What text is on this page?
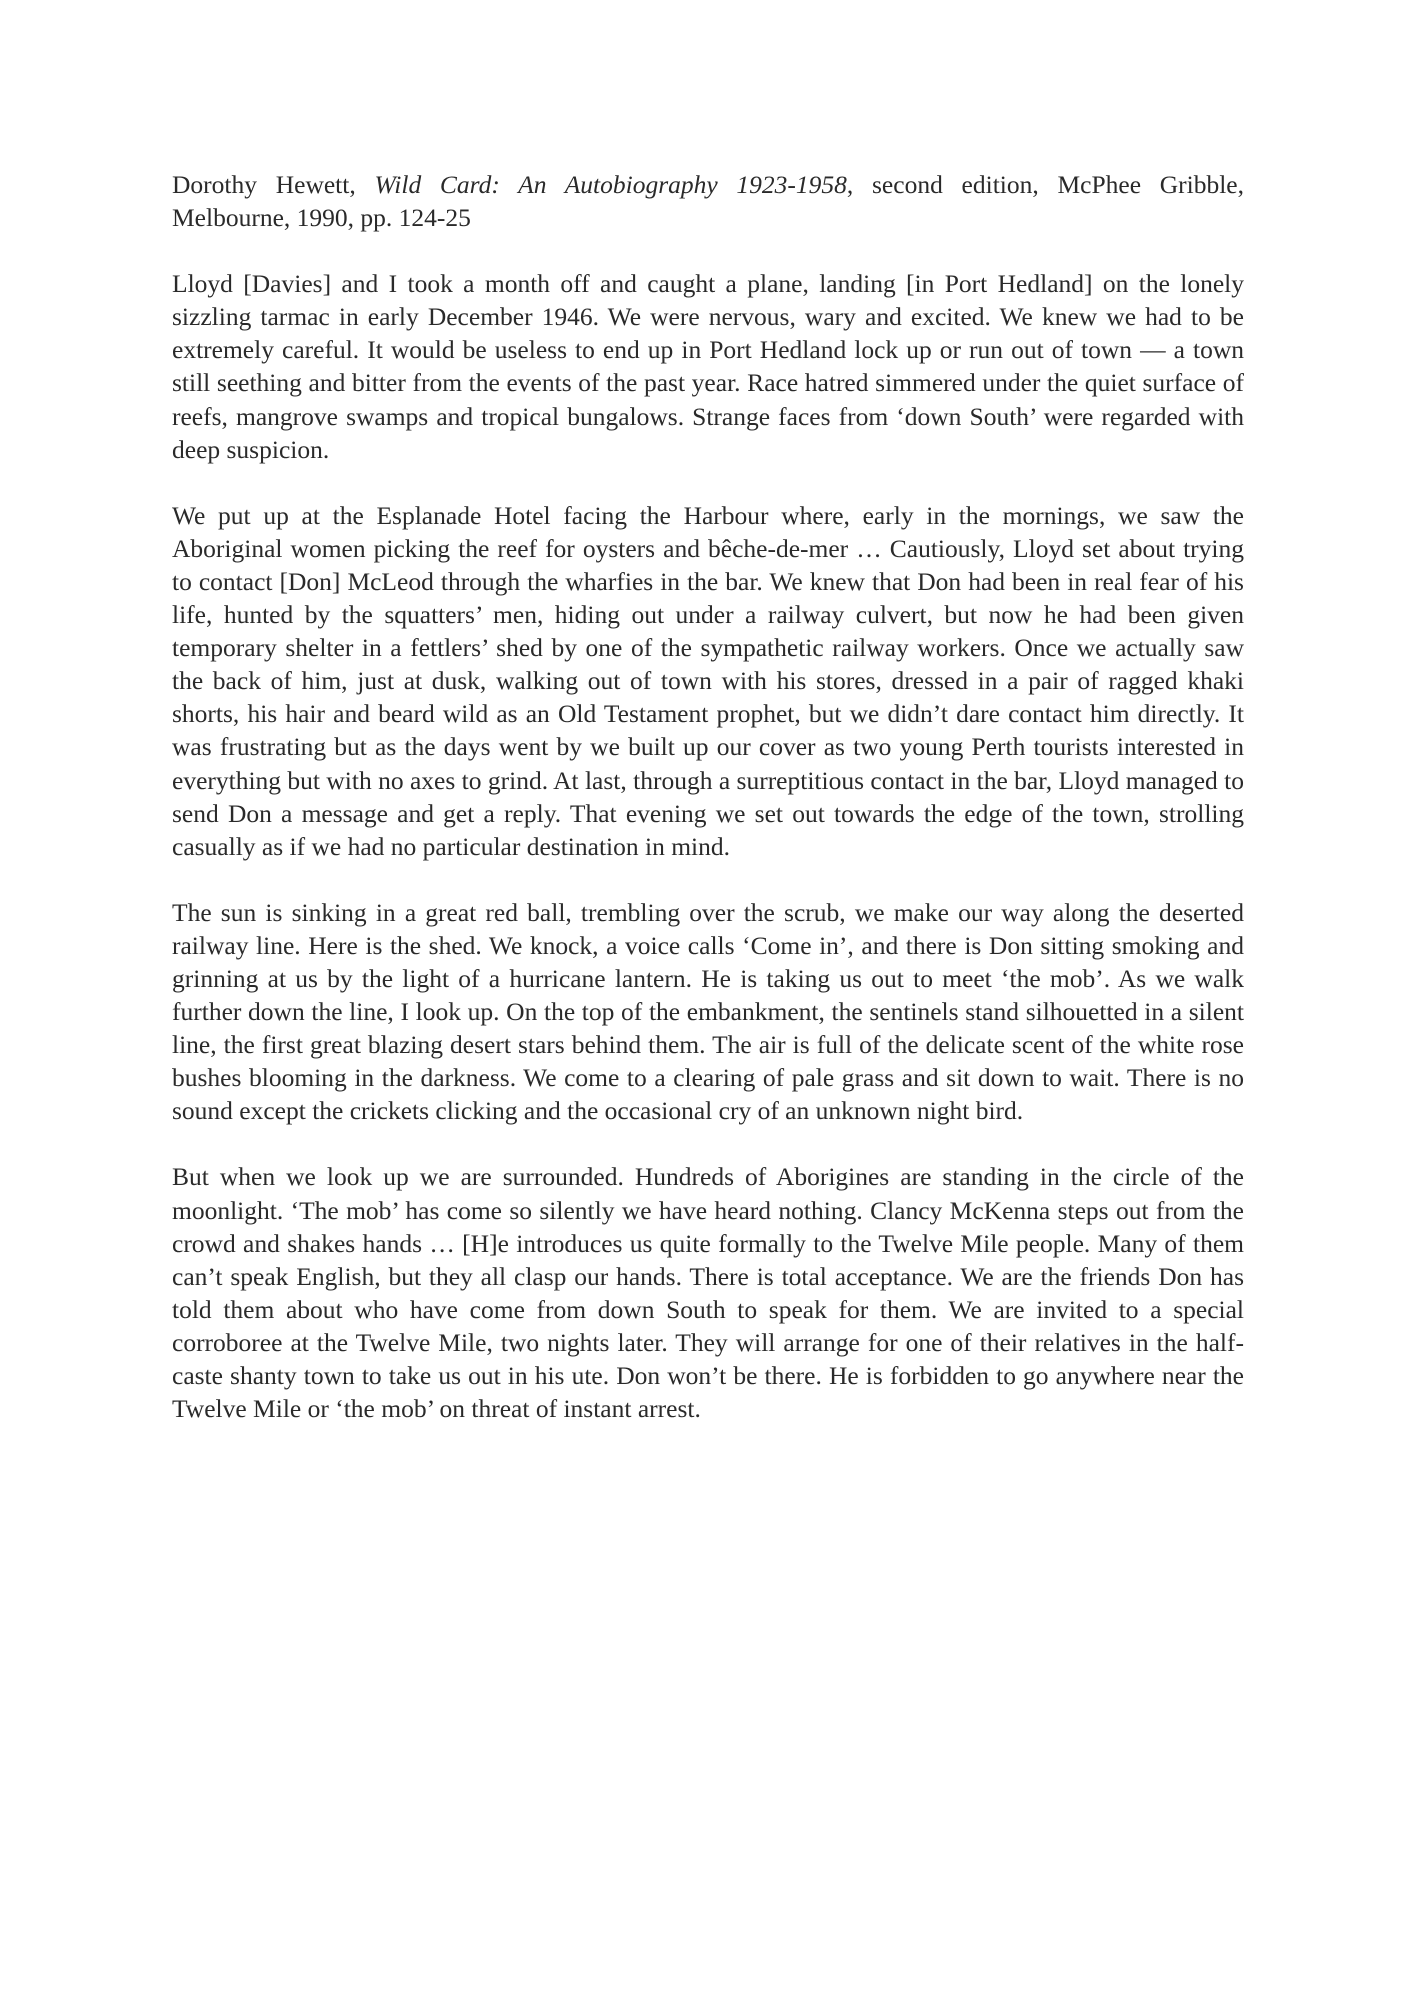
Dorothy Hewett, Wild Card: An Autobiography 1923-1958, second edition, McPhee Gribble, Melbourne, 1990, pp. 124-25

Lloyd [Davies] and I took a month off and caught a plane, landing [in Port Hedland] on the lonely sizzling tarmac in early December 1946. We were nervous, wary and excited. We knew we had to be extremely careful. It would be useless to end up in Port Hedland lock up or run out of town — a town still seething and bitter from the events of the past year. Race hatred simmered under the quiet surface of reefs, mangrove swamps and tropical bungalows. Strange faces from ‘down South’ were regarded with deep suspicion.

We put up at the Esplanade Hotel facing the Harbour where, early in the mornings, we saw the Aboriginal women picking the reef for oysters and bêche-de-mer … Cautiously, Lloyd set about trying to contact [Don] McLeod through the wharfies in the bar. We knew that Don had been in real fear of his life, hunted by the squatters’ men, hiding out under a railway culvert, but now he had been given temporary shelter in a fettlers’ shed by one of the sympathetic railway workers. Once we actually saw the back of him, just at dusk, walking out of town with his stores, dressed in a pair of ragged khaki shorts, his hair and beard wild as an Old Testament prophet, but we didn’t dare contact him directly. It was frustrating but as the days went by we built up our cover as two young Perth tourists interested in everything but with no axes to grind. At last, through a surreptitious contact in the bar, Lloyd managed to send Don a message and get a reply. That evening we set out towards the edge of the town, strolling casually as if we had no particular destination in mind.

The sun is sinking in a great red ball, trembling over the scrub, we make our way along the deserted railway line. Here is the shed. We knock, a voice calls ‘Come in’, and there is Don sitting smoking and grinning at us by the light of a hurricane lantern. He is taking us out to meet ‘the mob’. As we walk further down the line, I look up. On the top of the embankment, the sentinels stand silhouetted in a silent line, the first great blazing desert stars behind them. The air is full of the delicate scent of the white rose bushes blooming in the darkness. We come to a clearing of pale grass and sit down to wait. There is no sound except the crickets clicking and the occasional cry of an unknown night bird.

But when we look up we are surrounded. Hundreds of Aborigines are standing in the circle of the moonlight. ‘The mob’ has come so silently we have heard nothing. Clancy McKenna steps out from the crowd and shakes hands … [H]e introduces us quite formally to the Twelve Mile people. Many of them can’t speak English, but they all clasp our hands. There is total acceptance. We are the friends Don has told them about who have come from down South to speak for them. We are invited to a special corroboree at the Twelve Mile, two nights later. They will arrange for one of their relatives in the half-caste shanty town to take us out in his ute. Don won’t be there. He is forbidden to go anywhere near the Twelve Mile or ‘the mob’ on threat of instant arrest.
